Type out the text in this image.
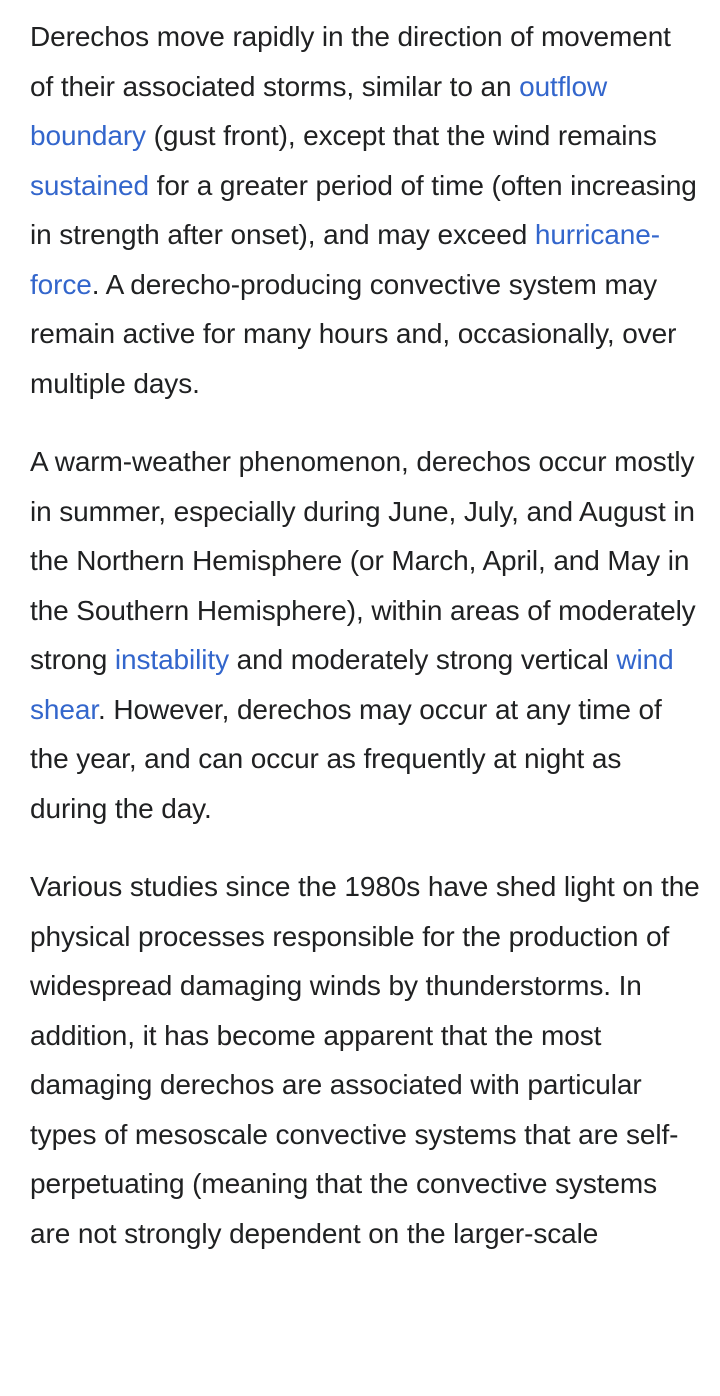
Derechos move rapidly in the direction of movement of their associated storms, similar to an outflow boundary (gust front), except that the wind remains sustained for a greater period of time (often increasing in strength after onset), and may exceed hurricane-force. A derecho-producing convective system may remain active for many hours and, occasionally, over multiple days.

A warm-weather phenomenon, derechos occur mostly in summer, especially during June, July, and August in the Northern Hemisphere (or March, April, and May in the Southern Hemisphere), within areas of moderately strong instability and moderately strong vertical wind shear. However, derechos may occur at any time of the year, and can occur as frequently at night as during the day.

Various studies since the 1980s have shed light on the physical processes responsible for the production of widespread damaging winds by thunderstorms. In addition, it has become apparent that the most damaging derechos are associated with particular types of mesoscale convective systems that are self-perpetuating (meaning that the convective systems are not strongly dependent on the larger-scale
